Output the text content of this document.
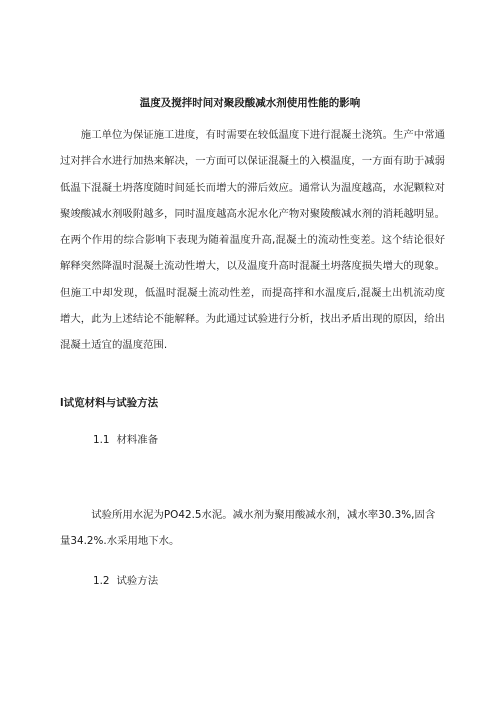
温度及搅拌时间对聚段酸减水剂使用性能的影响

施工单位为保证施工进度，有时需要在较低温度下进行混凝土浇筑。生产中常通过对拌合水进行加热来解决，一方面可以保证混凝土的入模温度，一方面有助于减弱低温下混凝土坍落度随时间延长而增大的滞后效应。通常认为温度越高，水泥颗粒对聚竣酸减水剂吸附越多，同时温度越高水泥水化产物对聚陵酸减水剂的消耗越明显。在两个作用的综合影响下表现为随着温度升高,混凝土的流动性变差。这个结论很好解释突然降温时混凝土流动性增大，以及温度升高时混凝土坍落度损失增大的现象。但施工中却发现，低温时混凝土流动性差，而提高拌和水温度后,混凝土出机流动度增大，此为上述结论不能解释。为此通过试验进行分析，找出矛盾出现的原因，给出混凝土适宜的温度范围.

l试览材料与试验方法
1.1 材料准备

试验所用水泥为PO42.5水泥。减水剂为聚用酸减水剂，减水率30.3%,固含量34.2%.水采用地下水。

1.2 试验方法
